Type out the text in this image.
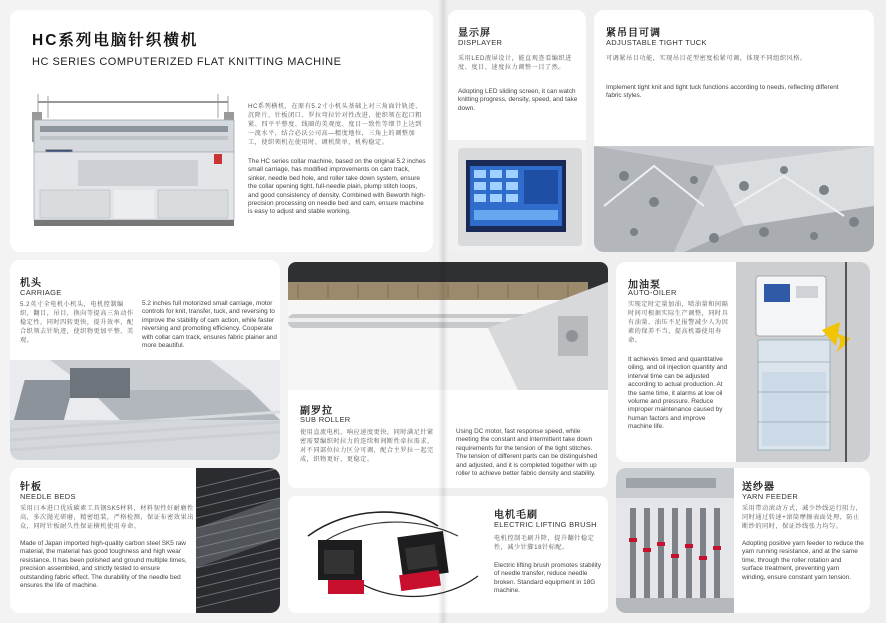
HC系列电脑针织横机
HC SERIES COMPUTERIZED FLAT KNITTING MACHINE
HC系列横机，在原有5.2寸小机头基础上对三角面针轨迹、沉降片、针板闭口、罗拉弯拉针对性改进，使织领在起口粗紧、四平平整度、线圈的美观度、度目一致性等细节上达到一流水平，结合必沃公司高—精度地位，三角上的调整加工，使织领机在使用时，调机简单，机构稳定。
The HC series collar machine, based on the original 5.2 inches small carriage, has modified improvements on cam track, sinker, needle bed hole, and roller take down system, ensure the collar opening tight, full-needle plain, plump stitch loops, and good consistency of density. Combined with Beworth high-precision processing on needle bed and cam, ensure machine is easy to adjust and stable working.
机头
CARRIAGE
5.2英寸全电机小机头，电机控制编织，翻目，吊目，换向等提高三角动作稳定性，同时四转更快，提升效率，配合织领去针轨迹，使织物更加平整、美观。
5.2 inches full motorized small carriage, motor controls for knit, transfer, tuck, and reversing to improve the stability of cam action, while faster reversing and promoting efficiency. Cooperate with collar cam track, ensures fabric plainer and more beautiful.
针板
NEEDLE BEDS
采用日本进口优质碳素工具钢SK5材料，材料韧性好耐磨性高，多次抛光研磨，精密组装，严格检测，保证布密效果出众，同时针板耐久性保证横机使用寿命。
Made of Japan imported high-quality carbon steel SK5 raw material, the material has good toughness and high wear resistance. It has been polished and ground multiple times, precision assembled, and strictly tested to ensure outstanding fabric effect. The durability of the needle bed ensures the life of machine.
副罗拉
SUB ROLLER
使用直流电机，响应速度更快，同时满足针紧密需要编织时拉力的连续和间断性牵拉需求，对不同部位拉力区分可调，配合主罗拉一起完成，织物更好，更稳定。
Using DC motor, fast response speed, while meeting the constant and intermittent take down requirements for the tension of the tight stitches. The tension of different parts can be distinguished and adjusted, and it is completed together with up roller to achieve better fabric density and stability.
电机毛刷
ELECTRIC LIFTING BRUSH
电机控制毛刷升降，提升翻针稳定性，减少针脚18针标配。
Electric lifting brush promotes stability of needle transfer, reduce needle broken. Standard equipment in 18G machine.
显示屏
DISPLAYER
采用LED液屏设计，能直观查看编织进度、度目、速度拉力调整一目了然。
Adopting LED sliding screen, it can watch knitting progress, density, speed, and take down.
紧吊目可调
ADJUSTABLE TIGHT TUCK
可调紧吊目功能，实现吊目花型密度松紧可调，体现不同组织风格。
Implement tight knit and tight tuck functions according to needs, reflecting different fabric styles.
加油泵
AUTO-OILER
实现定时定量加油，喷油量和间隔时间可根据实际生产调整，同时具有油量、油压不足报警减少人为因素的保养不当，提高机器使用寿命。
It achieves timed and quantitative oiling, and oil injection quantity and interval time can be adjusted according to actual production. At the same time, it alarms at low oil volume and pressure. Reduce improper maintenance caused by human factors and improve machine life.
送纱器
YARN FEEDER
采用带动滚动方式，减少纱线运行阻力，同时通过转速+滚筒摩擦表面处理，防止断纱的同时，保证纱线张力均匀。
Adopting positive yarn feeder to reduce the yarn running resistance, and at the same time, through the roller rotation and surface treatment, preventing yarn winding, ensure constant yarn tension.
